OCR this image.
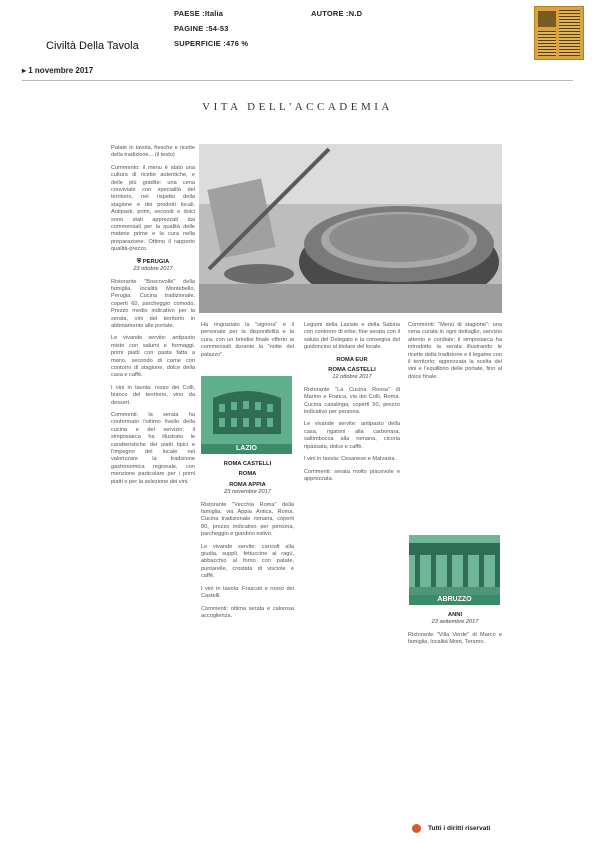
PAESE :Italia
PAGINE :54-53
SUPERFICIE :476 %
AUTORE :N.D
Civiltà Della Tavola
▸ 1 novembre 2017
VITA DELL'ACCADEMIA

Patate in tavola, fresche e ricette della tradizione... (il testo)

Commento: il menu è stato una cultura di ricette autentiche, e delle più gradite: una cena conviviale con specialità del territorio, nel rispetto della stagione e dei prodotti locali. Antipasti, primi, secondi e dolci sono stati apprezzati dai commensali per la qualità delle materie prime e la cura nella preparazione. Ottimo il rapporto qualità-prezzo.

⛨ PERUGIA
23 ottobre 2017

Ristorante "Boscovolle" della famiglia, località Montebello, Perugia. Cucina tradizionale, coperti 60, parcheggio comodo. Prezzo medio indicativo per la serata, vini del territorio in abbinamento alle portate.

Le vivande servite: antipasto misto con salumi e formaggi, primi piatti con pasta fatta a mano, secondo di carne con contorni di stagione, dolce della casa e caffè.

I vini in tavola: rosso dei Colli, bianco del territorio, vino da dessert.

Commenti: la serata ha confermato l'ottimo livello della cucina e del servizio; il simposiarca ha illustrato le caratteristiche dei piatti tipici e l'impegno del locale nel valorizzare la tradizione gastronomica regionale, con menzione particolare per i primi piatti e per la selezione dei vini.

Ha ringraziato la "signora" e il personale per la disponibilità e la cura, con un brindisi finale offerto ai commensali durante la "notte del palazzo".

LAZIO
ROMA CASTELLI
ROMA
ROMA APPIA
23 novembre 2017

Ristorante "Vecchia Roma" della famiglia, via Appia Antica, Roma. Cucina tradizionale romana, coperti 80, prezzo indicativo per persona, parcheggio e giardino estivo.

Le vivande servite: carciofi alla giudia, supplì, fettuccine al ragù, abbacchio al forno con patate, puntarelle, crostata di visciole e caffè.

I vini in tavola: Frascati e rosso dei Castelli.

Commenti: ottima serata e calorosa accoglienza.

Legumi della Laziale e della Sabina con contorno di erbe; fine serata con il saluto del Delegato e la consegna del guidoncino al titolare del locale.

ROMA EUR
ROMA CASTELLI
12 ottobre 2017

Ristorante "La Cucina Rossa" di Marino e Franca, via dei Colli, Roma. Cucina casalinga, coperti 50, prezzo indicativo per persona.

Le vivande servite: antipasto della casa, rigatoni alla carbonara, saltimbocca alla romana, cicoria ripassata, dolce e caffè.

I vini in tavola: Cesanese e Malvasia.

Commenti: serata molto piacevole e apprezzata.

Commenti: "Menù di stagione": una cena curata in ogni dettaglio, servizio attento e cordiale; il simposiarca ha introdotto la serata illustrando le ricette della tradizione e il legame con il territorio; apprezzata la scelta dei vini e l'equilibrio delle portate, fino al dolce finale.

ABRUZZO
ANNI
23 settembre 2017

Ristorante "Villa Verde" di Marco e famiglia, località Mont, Teramo.

Tutti i diritti riservati
